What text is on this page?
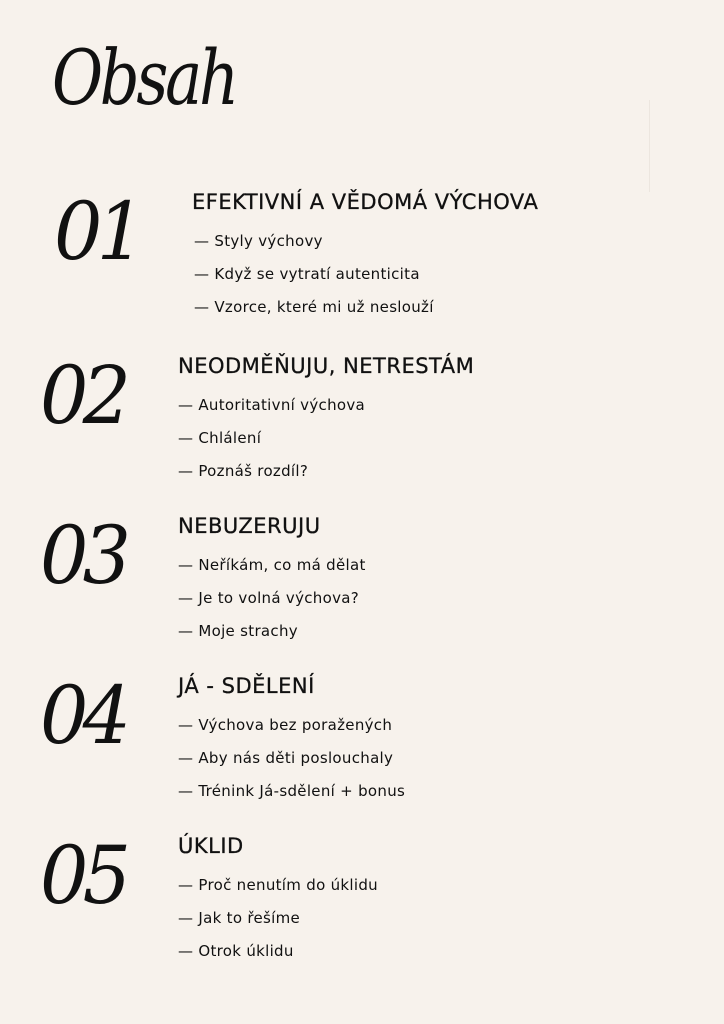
Obsah
01	EFEKTIVNÍ A VĚDOMÁ VÝCHOVA
— Styly výchovy
— Když se vytratí autenticita
— Vzorce, které mi už neslouží
02	NEODMĚŇUJU, NETRESTÁM
— Autoritativní výchova
— Chlálení
— Poznáš rozdíl?
03	NEBUZERUJU
— Neříkám, co má dělat
— Je to volná výchova?
— Moje strachy
04	JÁ - SDĚLENÍ
— Výchova bez poražených
— Aby nás děti poslouchaly
— Trénink Já-sdělení + bonus
05	ÚKLID
— Proč nenutím do úklidu
— Jak to řešíme
— Otrok úklidu
